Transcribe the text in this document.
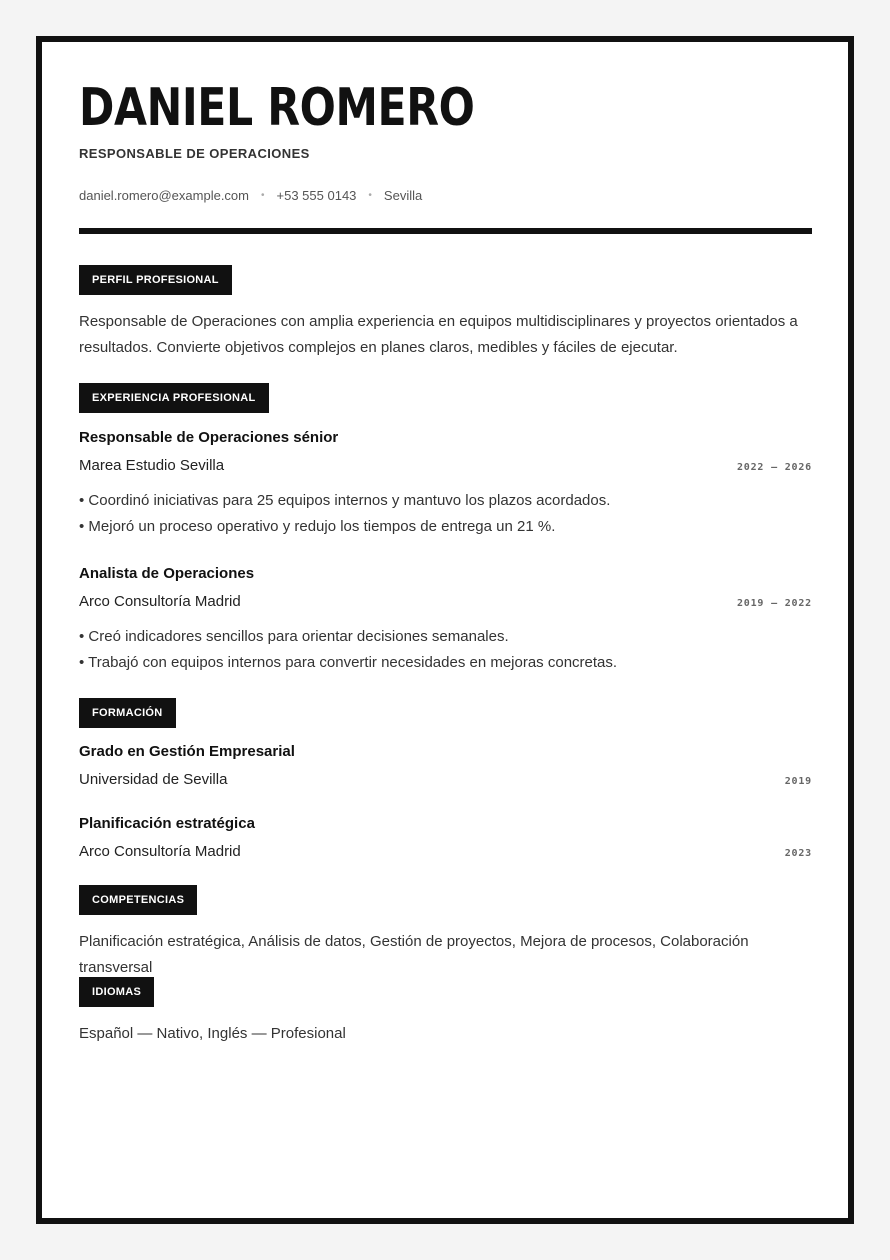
DANIEL ROMERO
RESPONSABLE DE OPERACIONES
daniel.romero@example.com • +53 555 0143 • Sevilla
PERFIL PROFESIONAL
Responsable de Operaciones con amplia experiencia en equipos multidisciplinares y proyectos orientados a resultados. Convierte objetivos complejos en planes claros, medibles y fáciles de ejecutar.
EXPERIENCIA PROFESIONAL
Responsable de Operaciones sénior
Marea Estudio Sevilla	2022 – 2026
• Coordinó iniciativas para 25 equipos internos y mantuvo los plazos acordados.
• Mejoró un proceso operativo y redujo los tiempos de entrega un 21 %.
Analista de Operaciones
Arco Consultoría Madrid	2019 – 2022
• Creó indicadores sencillos para orientar decisiones semanales.
• Trabajó con equipos internos para convertir necesidades en mejoras concretas.
FORMACIÓN
Grado en Gestión Empresarial
Universidad de Sevilla	2019
Planificación estratégica
Arco Consultoría Madrid	2023
COMPETENCIAS
Planificación estratégica, Análisis de datos, Gestión de proyectos, Mejora de procesos, Colaboración transversal
IDIOMAS
Español — Nativo, Inglés — Profesional
